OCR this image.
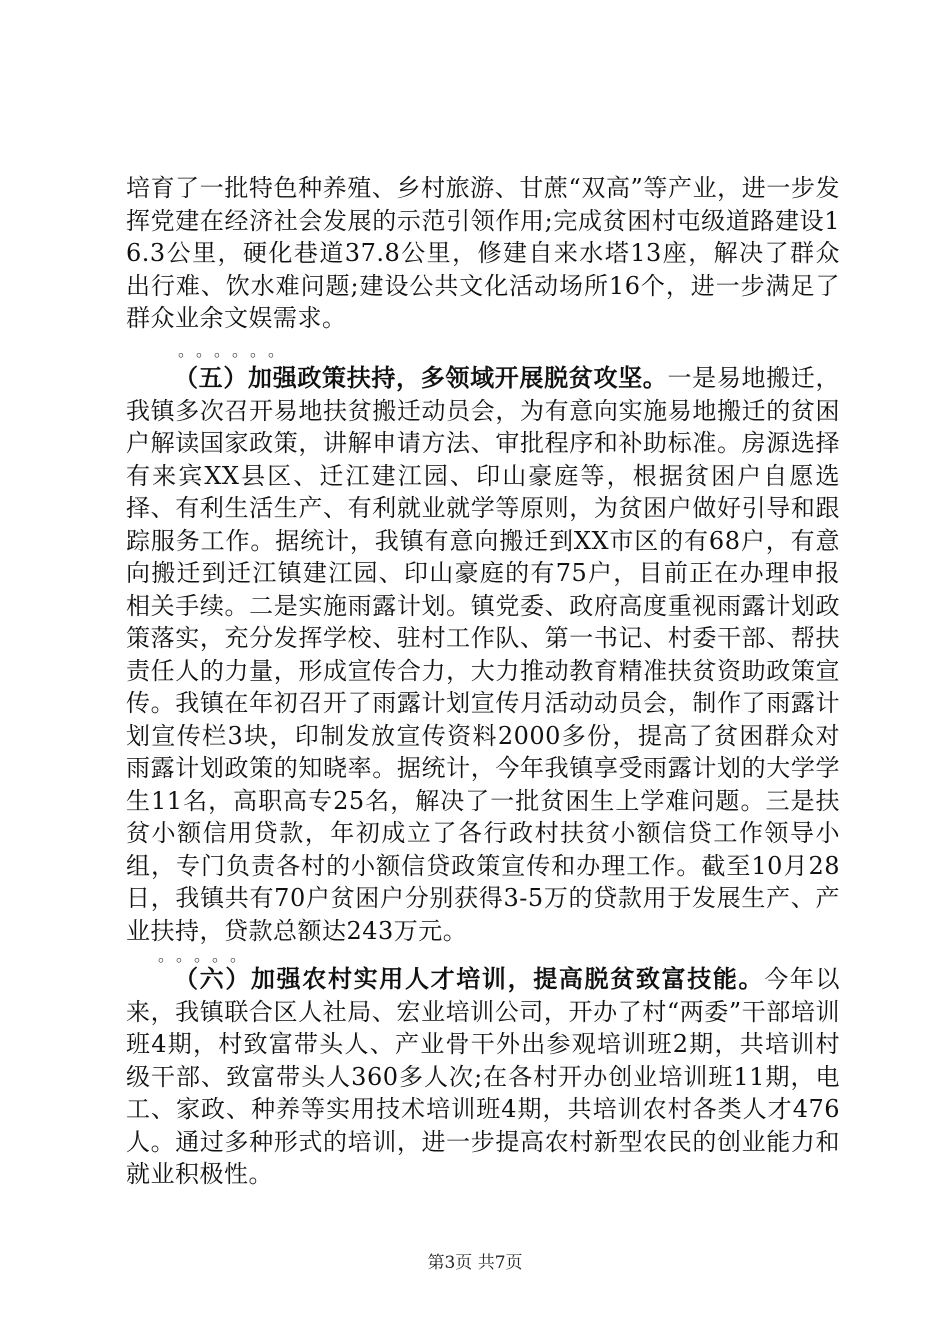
培育了一批特色种养殖、乡村旅游、甘蔗“双高”等产业，进一步发挥党建在经济社会发展的示范引领作用;完成贫困村屯级道路建设16.3公里，硬化巷道37.8公里，修建自来水塔13座，解决了群众出行难、饮水难问题;建设公共文化活动场所16个，进一步满足了群众业余文娱需求。
。。。。。。
（五）加强政策扶持，多领域开展脱贫攻坚。一是易地搬迁，我镇多次召开易地扶贫搬迁动员会，为有意向实施易地搬迁的贫困户解读国家政策，讲解申请方法、审批程序和补助标准。房源选择有来宾XX县区、迁江建江园、印山豪庭等，根据贫困户自愿选择、有利生活生产、有利就业就学等原则，为贫困户做好引导和跟踪服务工作。据统计，我镇有意向搬迁到XX市区的有68户，有意向搬迁到迁江镇建江园、印山豪庭的有75户，目前正在办理申报相关手续。二是实施雨露计划。镇党委、政府高度重视雨露计划政策落实，充分发挥学校、驻村工作队、第一书记、村委干部、帮扶责任人的力量，形成宣传合力，大力推动教育精准扶贫资助政策宣传。我镇在年初召开了雨露计划宣传月活动动员会，制作了雨露计划宣传栏3块，印制发放宣传资料2000多份，提高了贫困群众对雨露计划政策的知晓率。据统计，今年我镇享受雨露计划的大学学生11名，高职高专25名，解决了一批贫困生上学难问题。三是扶贫小额信用贷款，年初成立了各行政村扶贫小额信贷工作领导小组，专门负责各村的小额信贷政策宣传和办理工作。截至10月28日，我镇共有70户贫困户分别获得3-5万的贷款用于发展生产、产业扶持，贷款总额达243万元。
。。。。。
（六）加强农村实用人才培训，提高脱贫致富技能。今年以来，我镇联合区人社局、宏业培训公司，开办了村“两委”干部培训班4期，村致富带头人、产业骨干外出参观培训班2期，共培训村级干部、致富带头人360多人次;在各村开办创业培训班11期，电工、家政、种养等实用技术培训班4期，共培训农村各类人才476人。通过多种形式的培训，进一步提高农村新型农民的创业能力和就业积极性。
第3页 共7页
